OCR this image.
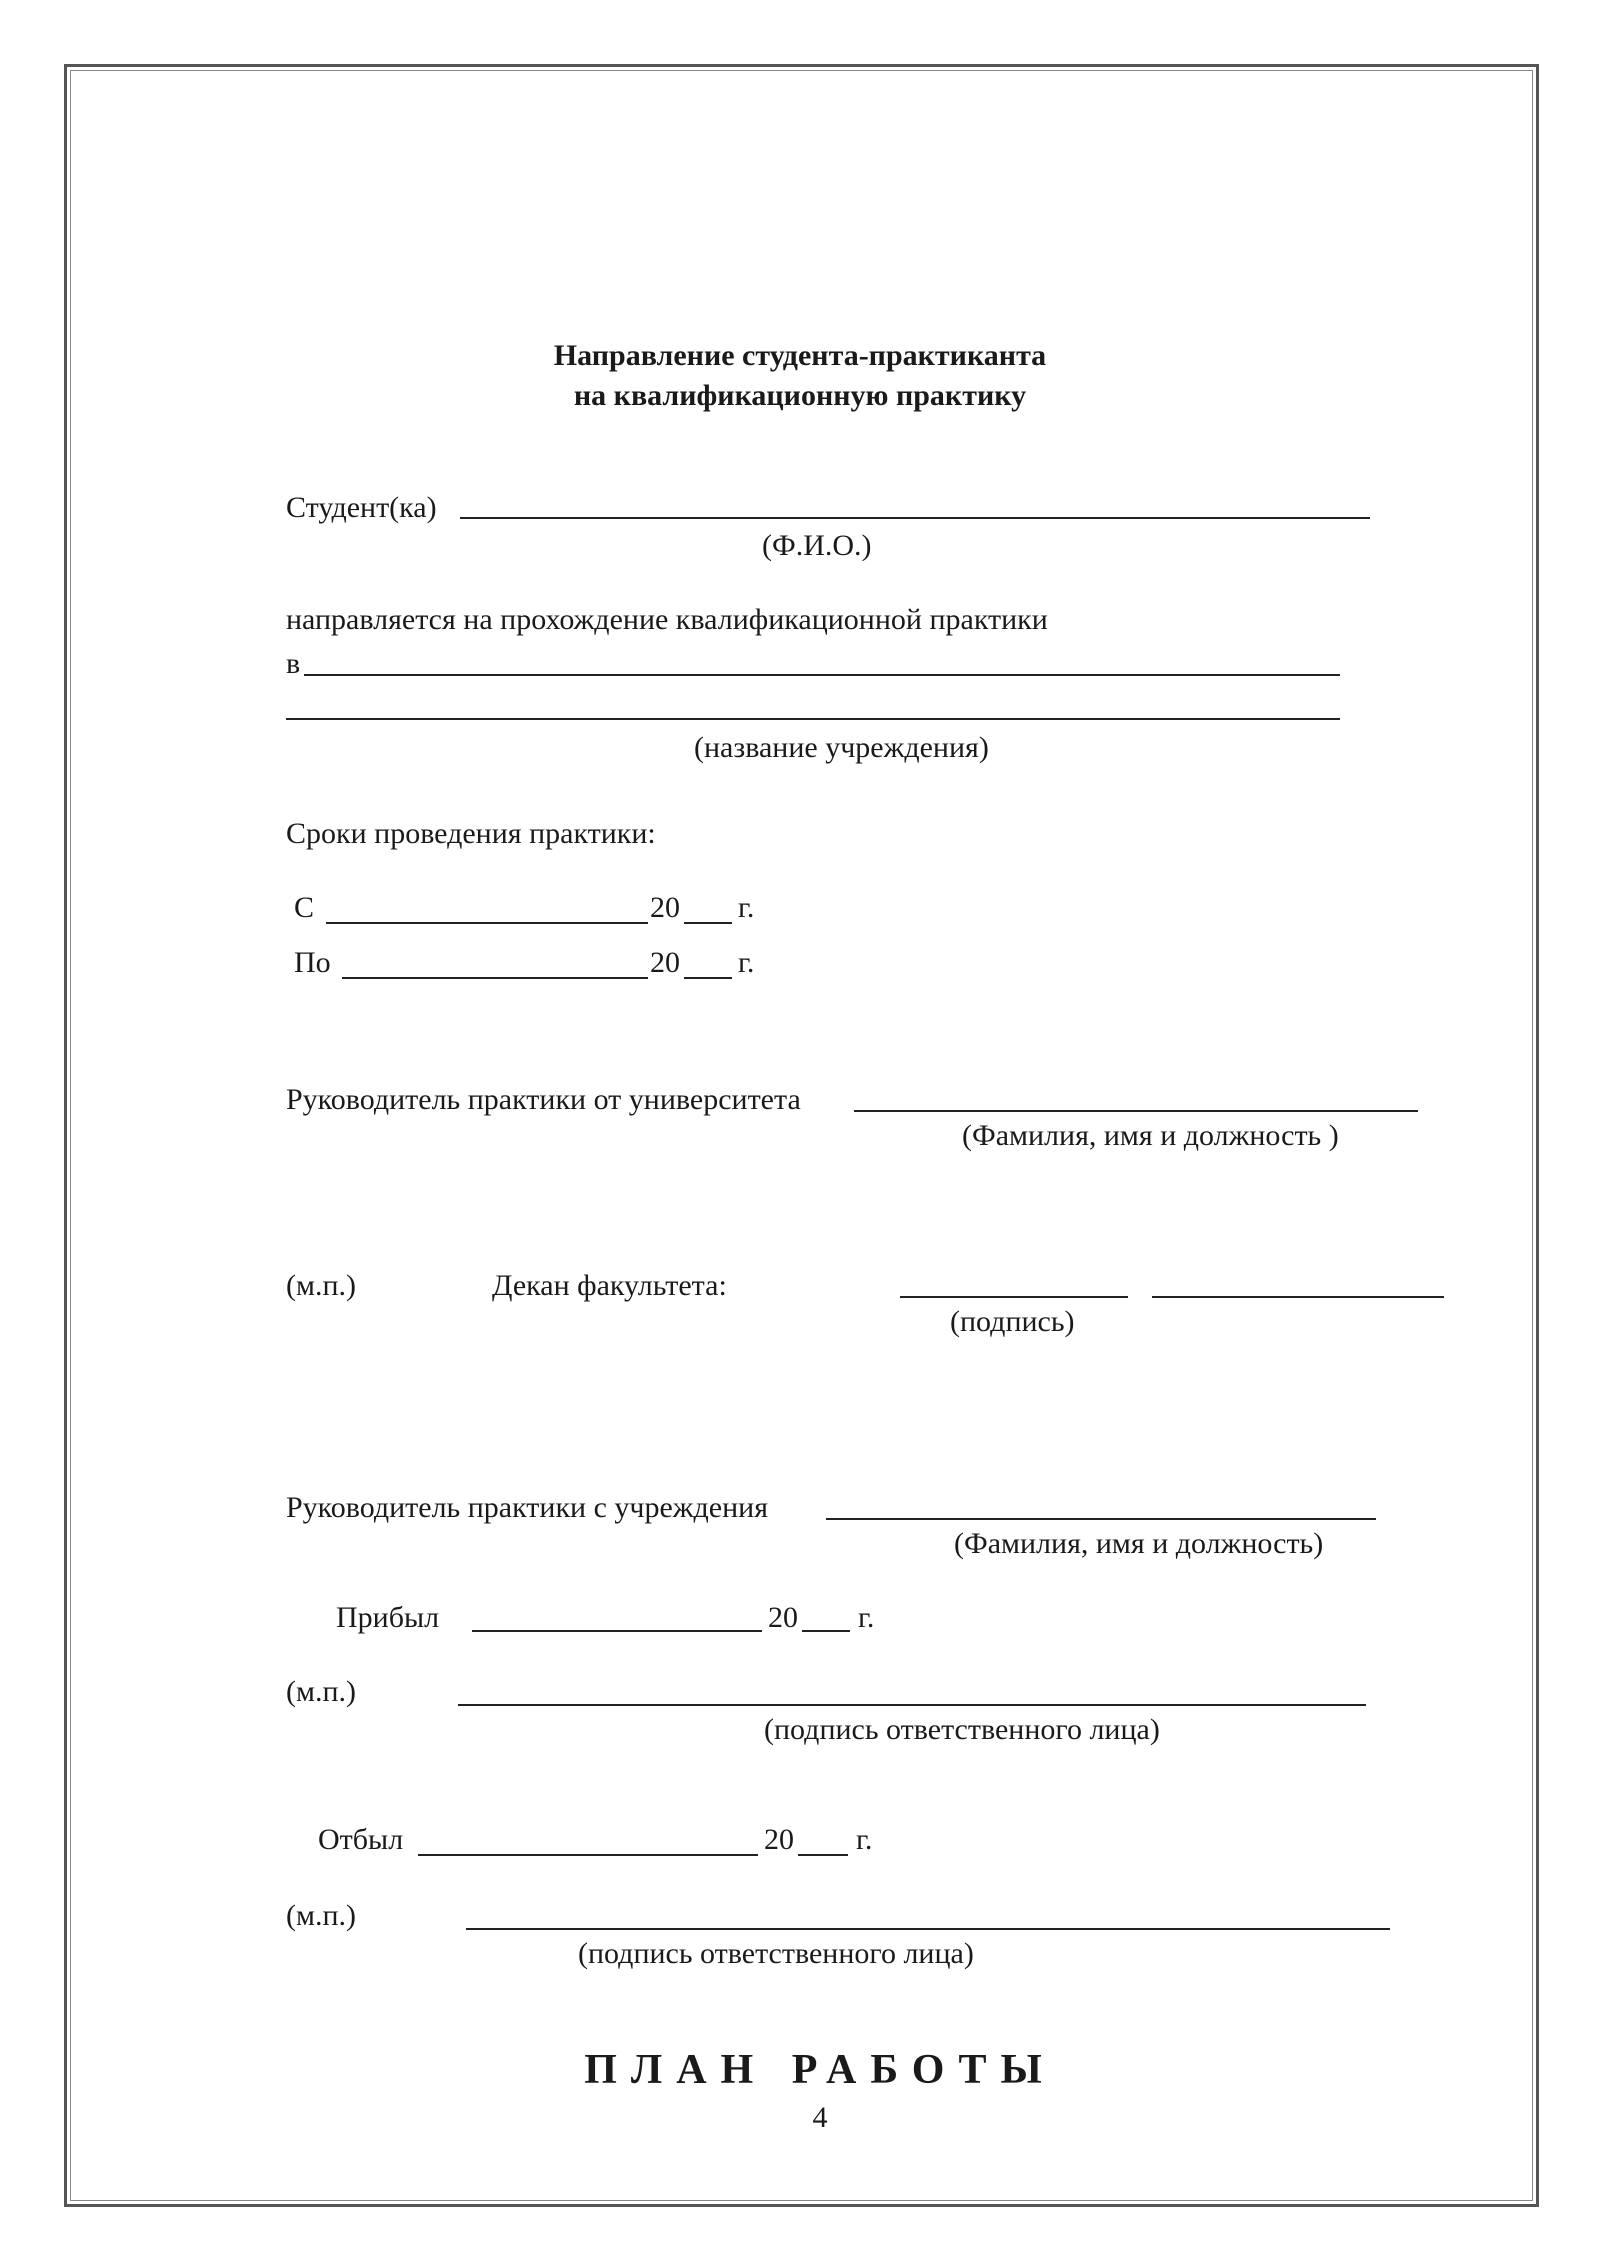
Направление студента-практиканта
на квалификационную практику
Студент(ка)
(Ф.И.О.)
направляется на прохождение квалификационной практики
в
(название учреждения)
Сроки проведения практики:
С	20 г.
По	20 г.
Руководитель практики от университета
(Фамилия, имя и должность )
(м.п.)	Декан факультета:
(подпись)
Руководитель практики с учреждения
(Фамилия, имя и должность)
Прибыл	20 г.
(м.п.)
(подпись ответственного лица)
Отбыл	20 г.
(м.п.)
(подпись ответственного лица)
ПЛАН РАБОТЫ
4
